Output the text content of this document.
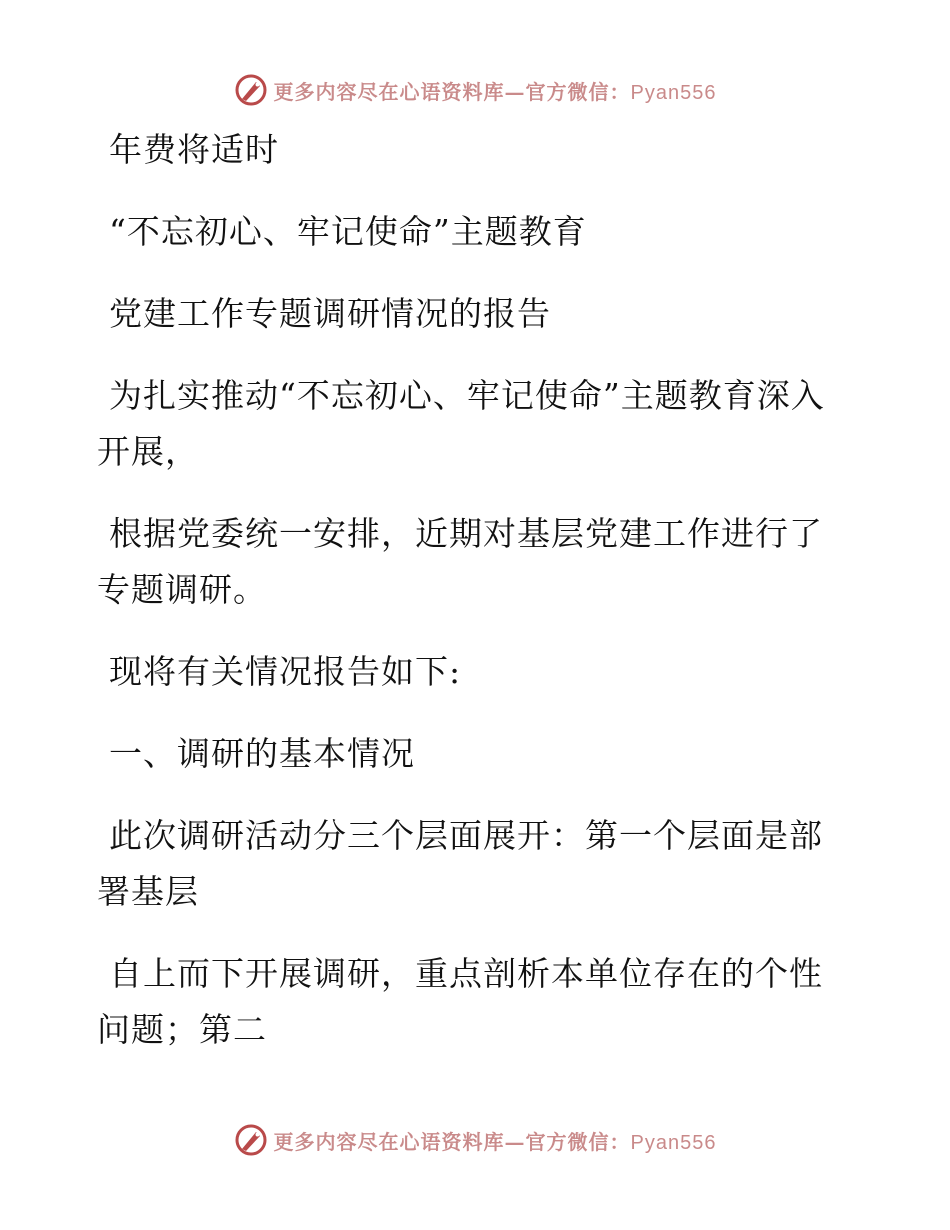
更多内容尽在心语资料库—官方微信：Pyan556

年费将适时

“不忘初心、牢记使命”主题教育

党建工作专题调研情况的报告

为扎实推动“不忘初心、牢记使命”主题教育深入开展，

根据党委统一安排，近期对基层党建工作进行了专题调研。

现将有关情况报告如下:

一、调研的基本情况

此次调研活动分三个层面展开：第一个层面是部署基层

自上而下开展调研，重点剖析本单位存在的个性问题；第二

更多内容尽在心语资料库—官方微信：Pyan556
